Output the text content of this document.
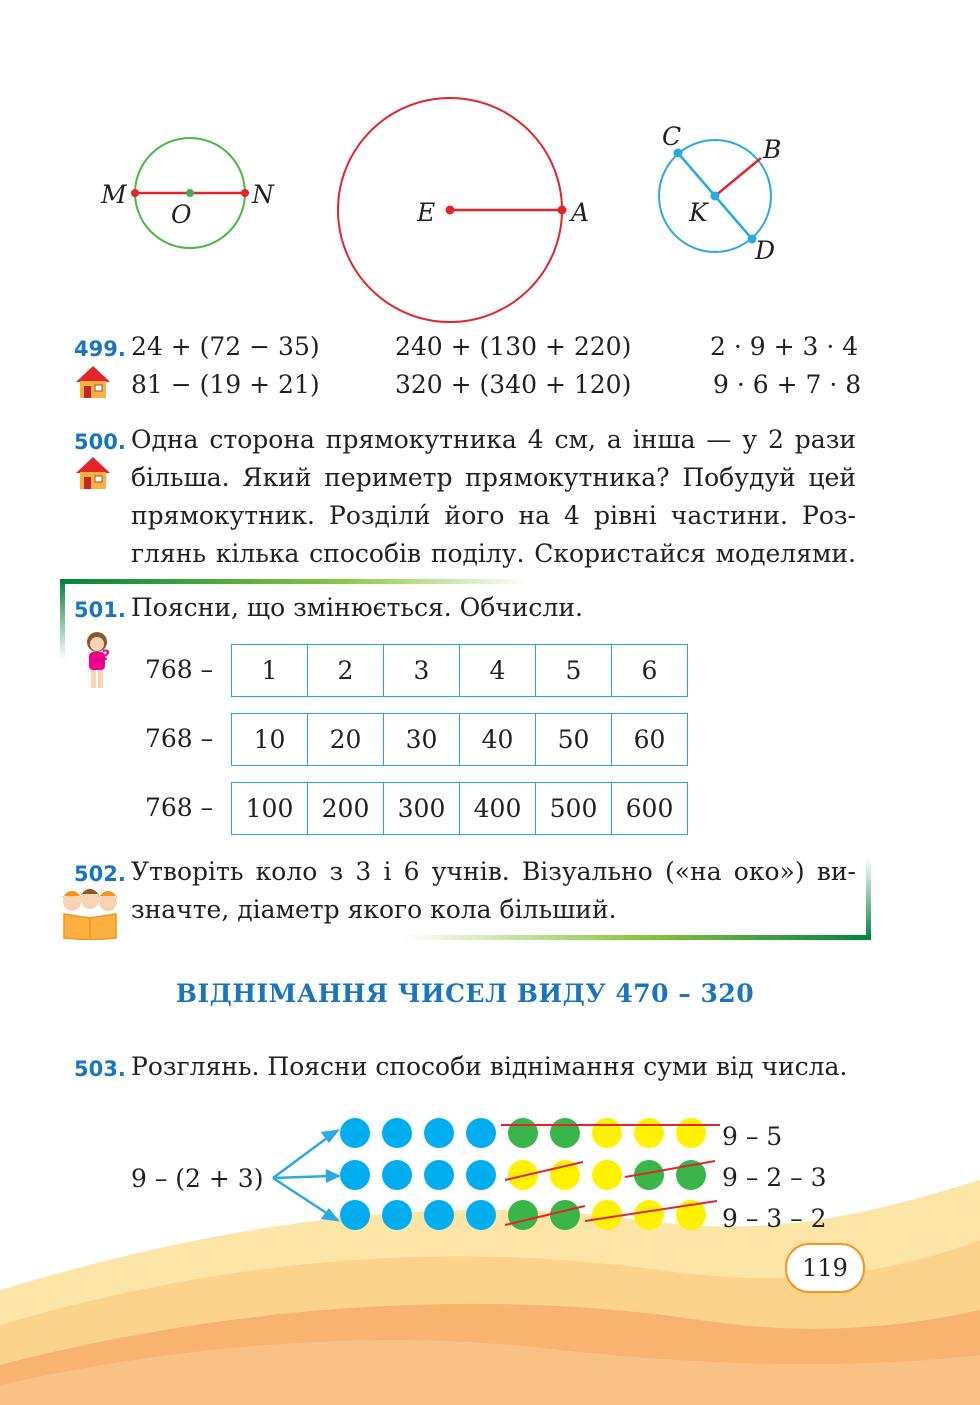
M
O
N
E	A
C	B
K
D
499. 24 + (72 − 35)	240 + (130 + 220)	2 · 9 + 3 · 4
81 − (19 + 21)	320 + (340 + 120)	9 · 6 + 7 · 8
500. Одна сторона прямокутника 4 см, а інша — у 2 рази
більша. Який периметр прямокутника? Побудуй цей
прямокутник. Розділи́ його на 4 рівні частини. Роз-
глянь кілька способів поділу. Скористайся моделями.
501. Поясни, що змінюється. Обчисли.
? 768 – 1	2	3	4	5	6
768 – 10	20	30	40	50	60
768 – 100	200	300	400	500	600
502. Утворіть коло з 3 і 6 учнів. Візуально («на око») ви-
значте, діаметр якого кола більший.
ВІДНІМАННЯ ЧИСЕЛ ВИДУ 470 – 320
503. Розглянь. Поясни способи віднімання суми від числа.
9 – (2 + 3)
9 – 5
9 – 2 – 3
9 – 3 – 2
119
